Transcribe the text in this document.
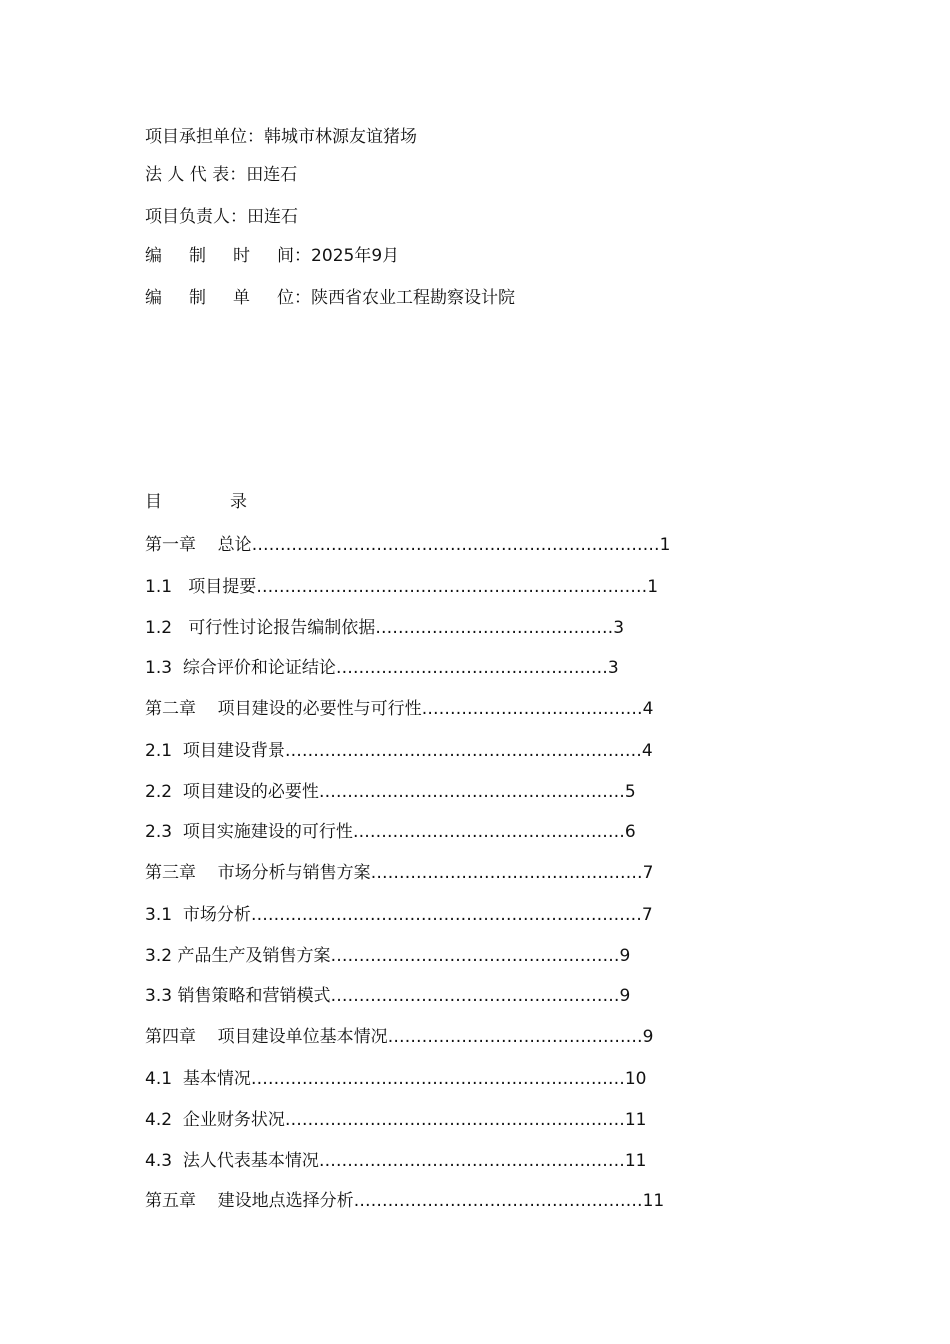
项目承担单位：韩城市林源友谊猪场
法 人 代 表：田连石
项目负责人：田连石
编     制     时     间：2025年9月
编     制     单     位：陕西省农业工程勘察设计院
目	录
第一章    总论………………………………………………………………1
1.1   项目提要……………………………………………………………1
1.2   可行性讨论报告编制依据……………………………………3
1.3  综合评价和论证结论…………………………………………3
第二章    项目建设的必要性与可行性…………………………………4
2.1  项目建设背景………………………………………………………4
2.2  项目建设的必要性………………………………………………5
2.3  项目实施建设的可行性…………………………………………6
第三章    市场分析与销售方案…………………………………………7
3.1  市场分析……………………………………………………………7
3.2 产品生产及销售方案……………………………………………9
3.3 销售策略和营销模式……………………………………………9
第四章    项目建设单位基本情况………………………………………9
4.1  基本情况…………………………………………………………10
4.2  企业财务状况……………………………………………………11
4.3  法人代表基本情况………………………………………………11
第五章    建设地点选择分析……………………………………………11
